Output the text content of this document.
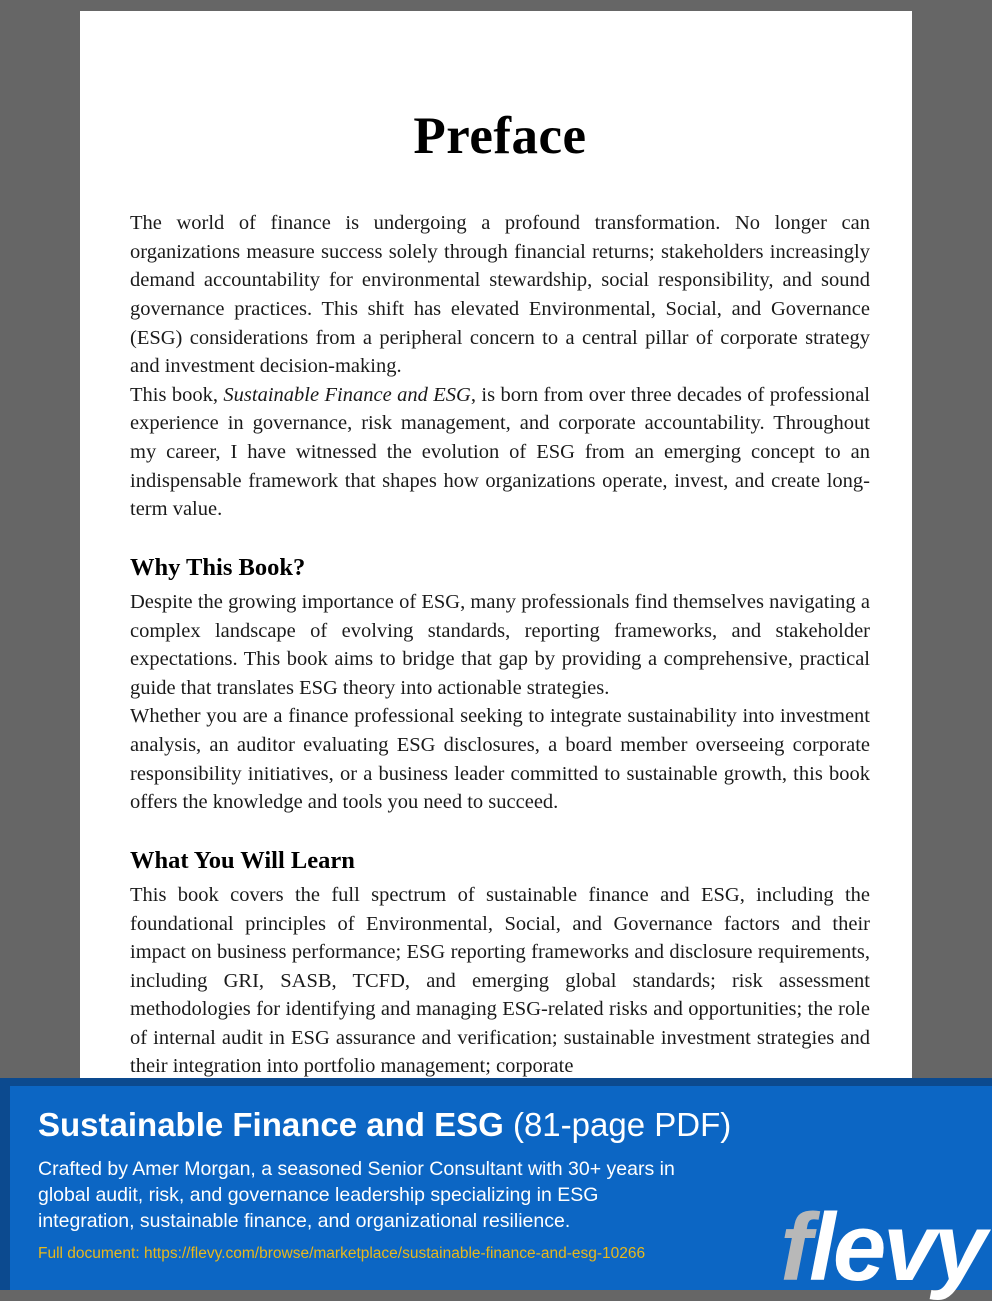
Preface

The world of finance is undergoing a profound transformation. No longer can organizations measure success solely through financial returns; stakeholders increasingly demand accountability for environmental stewardship, social responsibility, and sound governance practices. This shift has elevated Environmental, Social, and Governance (ESG) considerations from a peripheral concern to a central pillar of corporate strategy and investment decision-making.

This book, Sustainable Finance and ESG, is born from over three decades of professional experience in governance, risk management, and corporate accountability. Throughout my career, I have witnessed the evolution of ESG from an emerging concept to an indispensable framework that shapes how organizations operate, invest, and create long-term value.

Why This Book?

Despite the growing importance of ESG, many professionals find themselves navigating a complex landscape of evolving standards, reporting frameworks, and stakeholder expectations. This book aims to bridge that gap by providing a comprehensive, practical guide that translates ESG theory into actionable strategies.

Whether you are a finance professional seeking to integrate sustainability into investment analysis, an auditor evaluating ESG disclosures, a board member overseeing corporate responsibility initiatives, or a business leader committed to sustainable growth, this book offers the knowledge and tools you need to succeed.

What You Will Learn

This book covers the full spectrum of sustainable finance and ESG, including the foundational principles of Environmental, Social, and Governance factors and their impact on business performance; ESG reporting frameworks and disclosure requirements, including GRI, SASB, TCFD, and emerging global standards; risk assessment methodologies for identifying and managing ESG-related risks and opportunities; the role of internal audit in ESG assurance and verification; sustainable investment strategies and their integration into portfolio management; corporate

Sustainable Finance and ESG (81-page PDF)
Crafted by Amer Morgan, a seasoned Senior Consultant with 30+ years in global audit, risk, and governance leadership specializing in ESG integration, sustainable finance, and organizational resilience.
Full document: https://flevy.com/browse/marketplace/sustainable-finance-and-esg-10266	flevy
